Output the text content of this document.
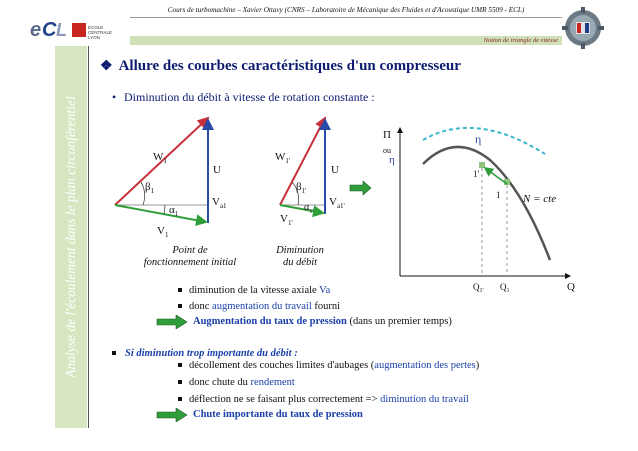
e C L	ECOLE
CENTRALE
LYON
Cours de turbomachine – Xavier Ottavy (CNRS – Laboratoire de Mécanique des Fluides et d'Acoustique UMR 5509 - ECL)
Notion de triangle de vitesse
Analyse de l'écoulement dans le plan circonférentiel
❖ Allure des courbes caractéristiques d'un compresseur
• Diminution du débit à vitesse de rotation constante :
$W_1$
U
$\beta_1$
$\alpha_1$
$V_{a1}$
$V_1$
$W_{1'}$
U
$\beta_{1'}$
$\alpha_{1'}$
$V_{a1'}$
$V_{1'}$
Point de
fonctionnement initial
Diminution
du débit
Π
ou
η
η
1'
1 N = cte
Q
$Q_{1'}$ $Q_1$
diminution de la vitesse axiale Va
donc augmentation du travail fourni
Augmentation du taux de pression (dans un premier temps)
Si diminution trop importante du débit :
décollement des couches limites d'aubages (augmentation des pertes)
donc chute du rendement
déflection ne se faisant plus correctement => diminution du travail
Chute importante du taux de pression
